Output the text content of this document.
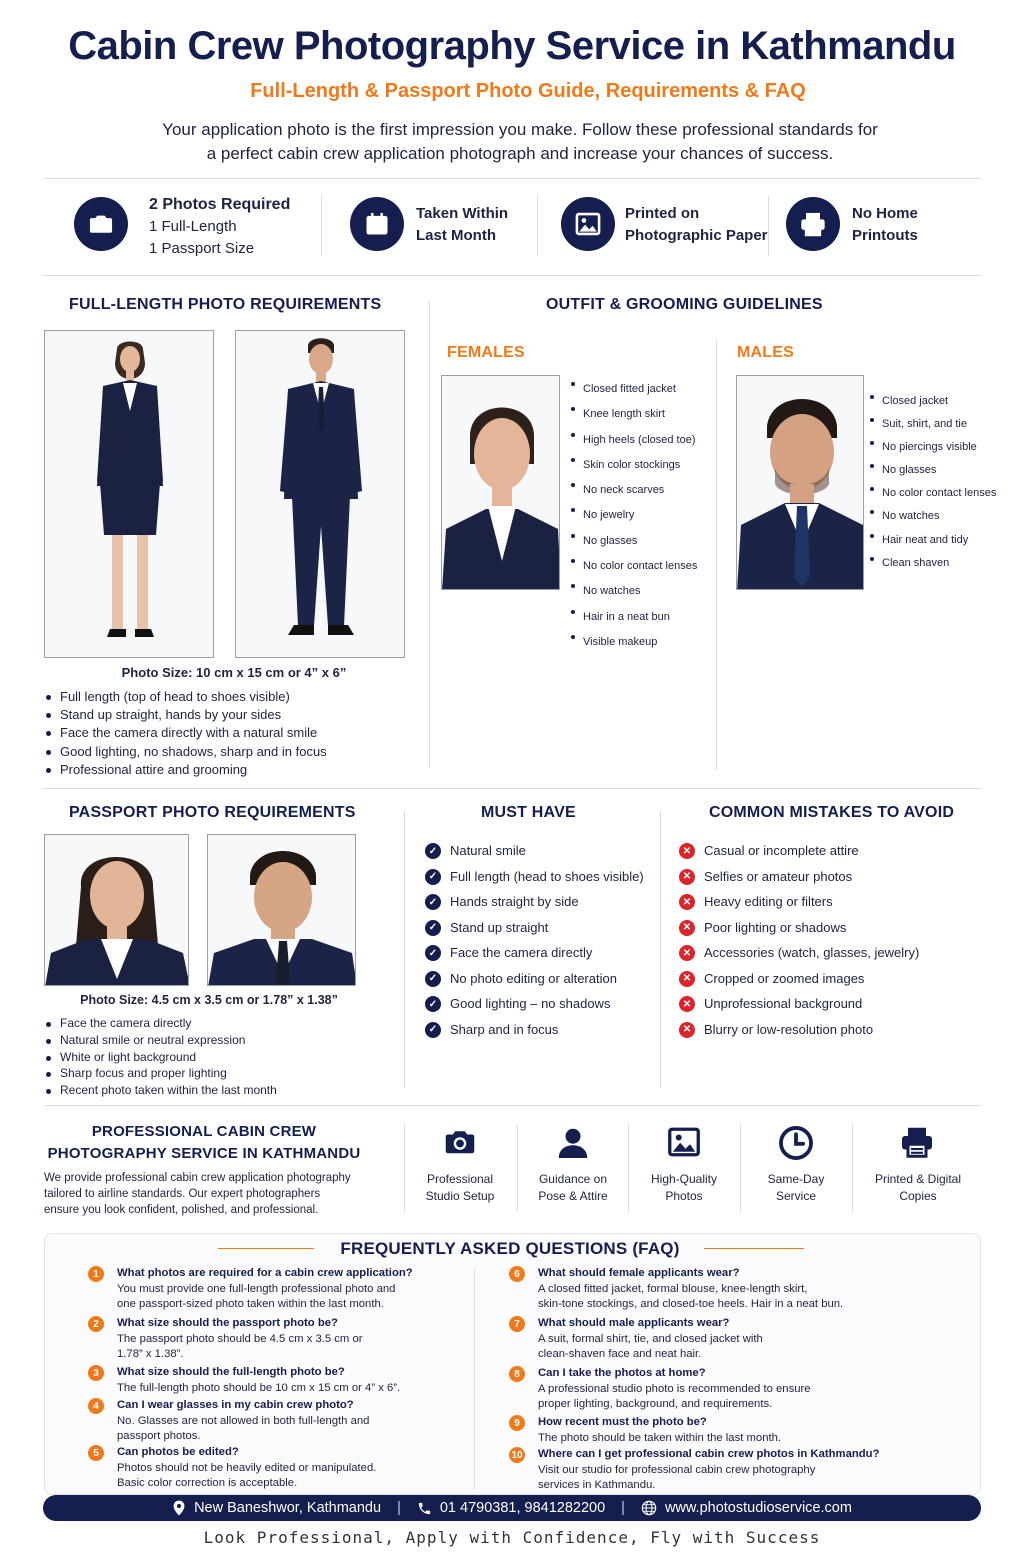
Cabin Crew Photography Service in Kathmandu
Full-Length & Passport Photo Guide, Requirements & FAQ
Your application photo is the first impression you make. Follow these professional standards for
a perfect cabin crew application photograph and increase your chances of success.
2 Photos Required
1 Full-Length
1 Passport Size
Taken Within
Last Month
Printed on
Photographic Paper
No Home
Printouts
FULL-LENGTH PHOTO REQUIREMENTS
Photo Size: 10 cm x 15 cm or 4” x 6”
Full length (top of head to shoes visible)
Stand up straight, hands by your sides
Face the camera directly with a natural smile
Good lighting, no shadows, sharp and in focus
Professional attire and grooming
OUTFIT & GROOMING GUIDELINES
FEMALES	MALES
Closed fitted jacket
Knee length skirt
High heels (closed toe)
Skin color stockings
No neck scarves
No jewelry
No glasses
No color contact lenses
No watches
Hair in a neat bun
Visible makeup
Closed jacket
Suit, shirt, and tie
No piercings visible
No glasses
No color contact lenses
No watches
Hair neat and tidy
Clean shaven
PASSPORT PHOTO REQUIREMENTS
Photo Size: 4.5 cm x 3.5 cm or 1.78” x 1.38”
Face the camera directly
Natural smile or neutral expression
White or light background
Sharp focus and proper lighting
Recent photo taken within the last month
MUST HAVE
✓ Natural smile
✓ Full length (head to shoes visible)
✓ Hands straight by side
✓ Stand up straight
✓ Face the camera directly
✓ No photo editing or alteration
✓ Good lighting – no shadows
✓ Sharp and in focus
COMMON MISTAKES TO AVOID
✕ Casual or incomplete attire
✕ Selfies or amateur photos
✕ Heavy editing or filters
✕ Poor lighting or shadows
✕ Accessories (watch, glasses, jewelry)
✕ Cropped or zoomed images
✕ Unprofessional background
✕ Blurry or low-resolution photo
PROFESSIONAL CABIN CREW
PHOTOGRAPHY SERVICE IN KATHMANDU
We provide professional cabin crew application photography
tailored to airline standards. Our expert photographers
ensure you look confident, polished, and professional.
Professional
Studio Setup
Guidance on
Pose & Attire
High-Quality
Photos
Same-Day
Service
Printed & Digital
Copies
FREQUENTLY ASKED QUESTIONS (FAQ)
1	What photos are required for a cabin crew application?
You must provide one full-length professional photo and
one passport-sized photo taken within the last month.
2	What size should the passport photo be?
The passport photo should be 4.5 cm x 3.5 cm or
1.78” x 1.38”.
3	What size should the full-length photo be?
The full-length photo should be 10 cm x 15 cm or 4” x 6”.
4	Can I wear glasses in my cabin crew photo?
No. Glasses are not allowed in both full-length and
passport photos.
5	Can photos be edited?
Photos should not be heavily edited or manipulated.
Basic color correction is acceptable.
6	What should female applicants wear?
A closed fitted jacket, formal blouse, knee-length skirt,
skin-tone stockings, and closed-toe heels. Hair in a neat bun.
7	What should male applicants wear?
A suit, formal shirt, tie, and closed jacket with
clean-shaven face and neat hair.
8	Can I take the photos at home?
A professional studio photo is recommended to ensure
proper lighting, background, and requirements.
9	How recent must the photo be?
The photo should be taken within the last month.
10 Where can I get professional cabin crew photos in Kathmandu?
Visit our studio for professional cabin crew photography
services in Kathmandu.
New Baneshwor, Kathmandu |	01 4790381, 9841282200 |	www.photostudioservice.com
Look Professional, Apply with Confidence, Fly with Success
